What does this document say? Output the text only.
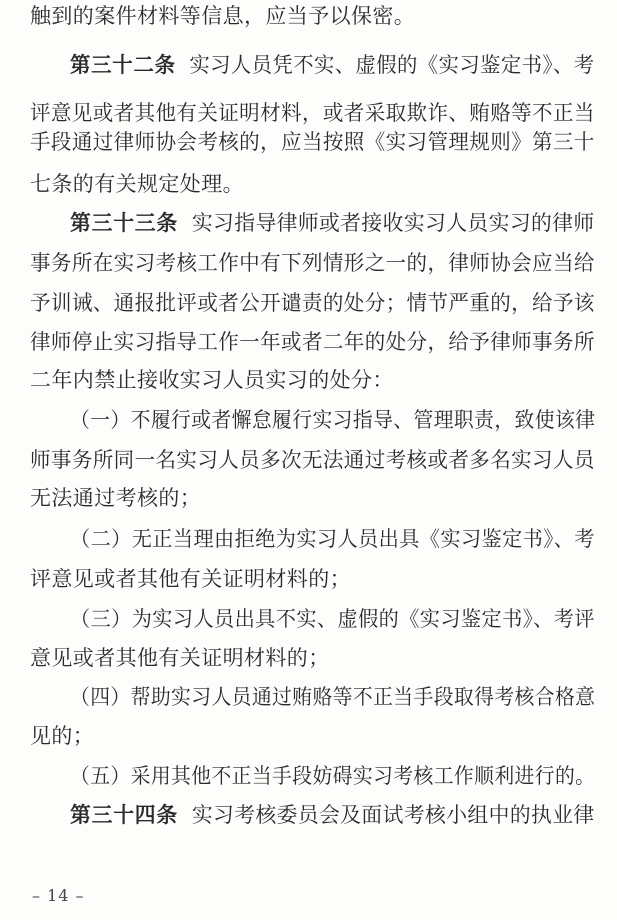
触到的案件材料等信息，应当予以保密。
第三十二条 实习人员凭不实、虚假的《实习鉴定书》、考
评意见或者其他有关证明材料，或者采取欺诈、贿赂等不正当
手段通过律师协会考核的，应当按照《实习管理规则》第三十
七条的有关规定处理。
第三十三条 实习指导律师或者接收实习人员实习的律师
事务所在实习考核工作中有下列情形之一的，律师协会应当给
予训诫、通报批评或者公开谴责的处分；情节严重的，给予该
律师停止实习指导工作一年或者二年的处分，给予律师事务所
二年内禁止接收实习人员实习的处分：
（一）不履行或者懈怠履行实习指导、管理职责，致使该律
师事务所同一名实习人员多次无法通过考核或者多名实习人员
无法通过考核的；
（二）无正当理由拒绝为实习人员出具《实习鉴定书》、考
评意见或者其他有关证明材料的；
（三）为实习人员出具不实、虚假的《实习鉴定书》、考评
意见或者其他有关证明材料的；
（四）帮助实习人员通过贿赂等不正当手段取得考核合格意
见的；
（五）采用其他不正当手段妨碍实习考核工作顺利进行的。
第三十四条 实习考核委员会及面试考核小组中的执业律
– 14 –
